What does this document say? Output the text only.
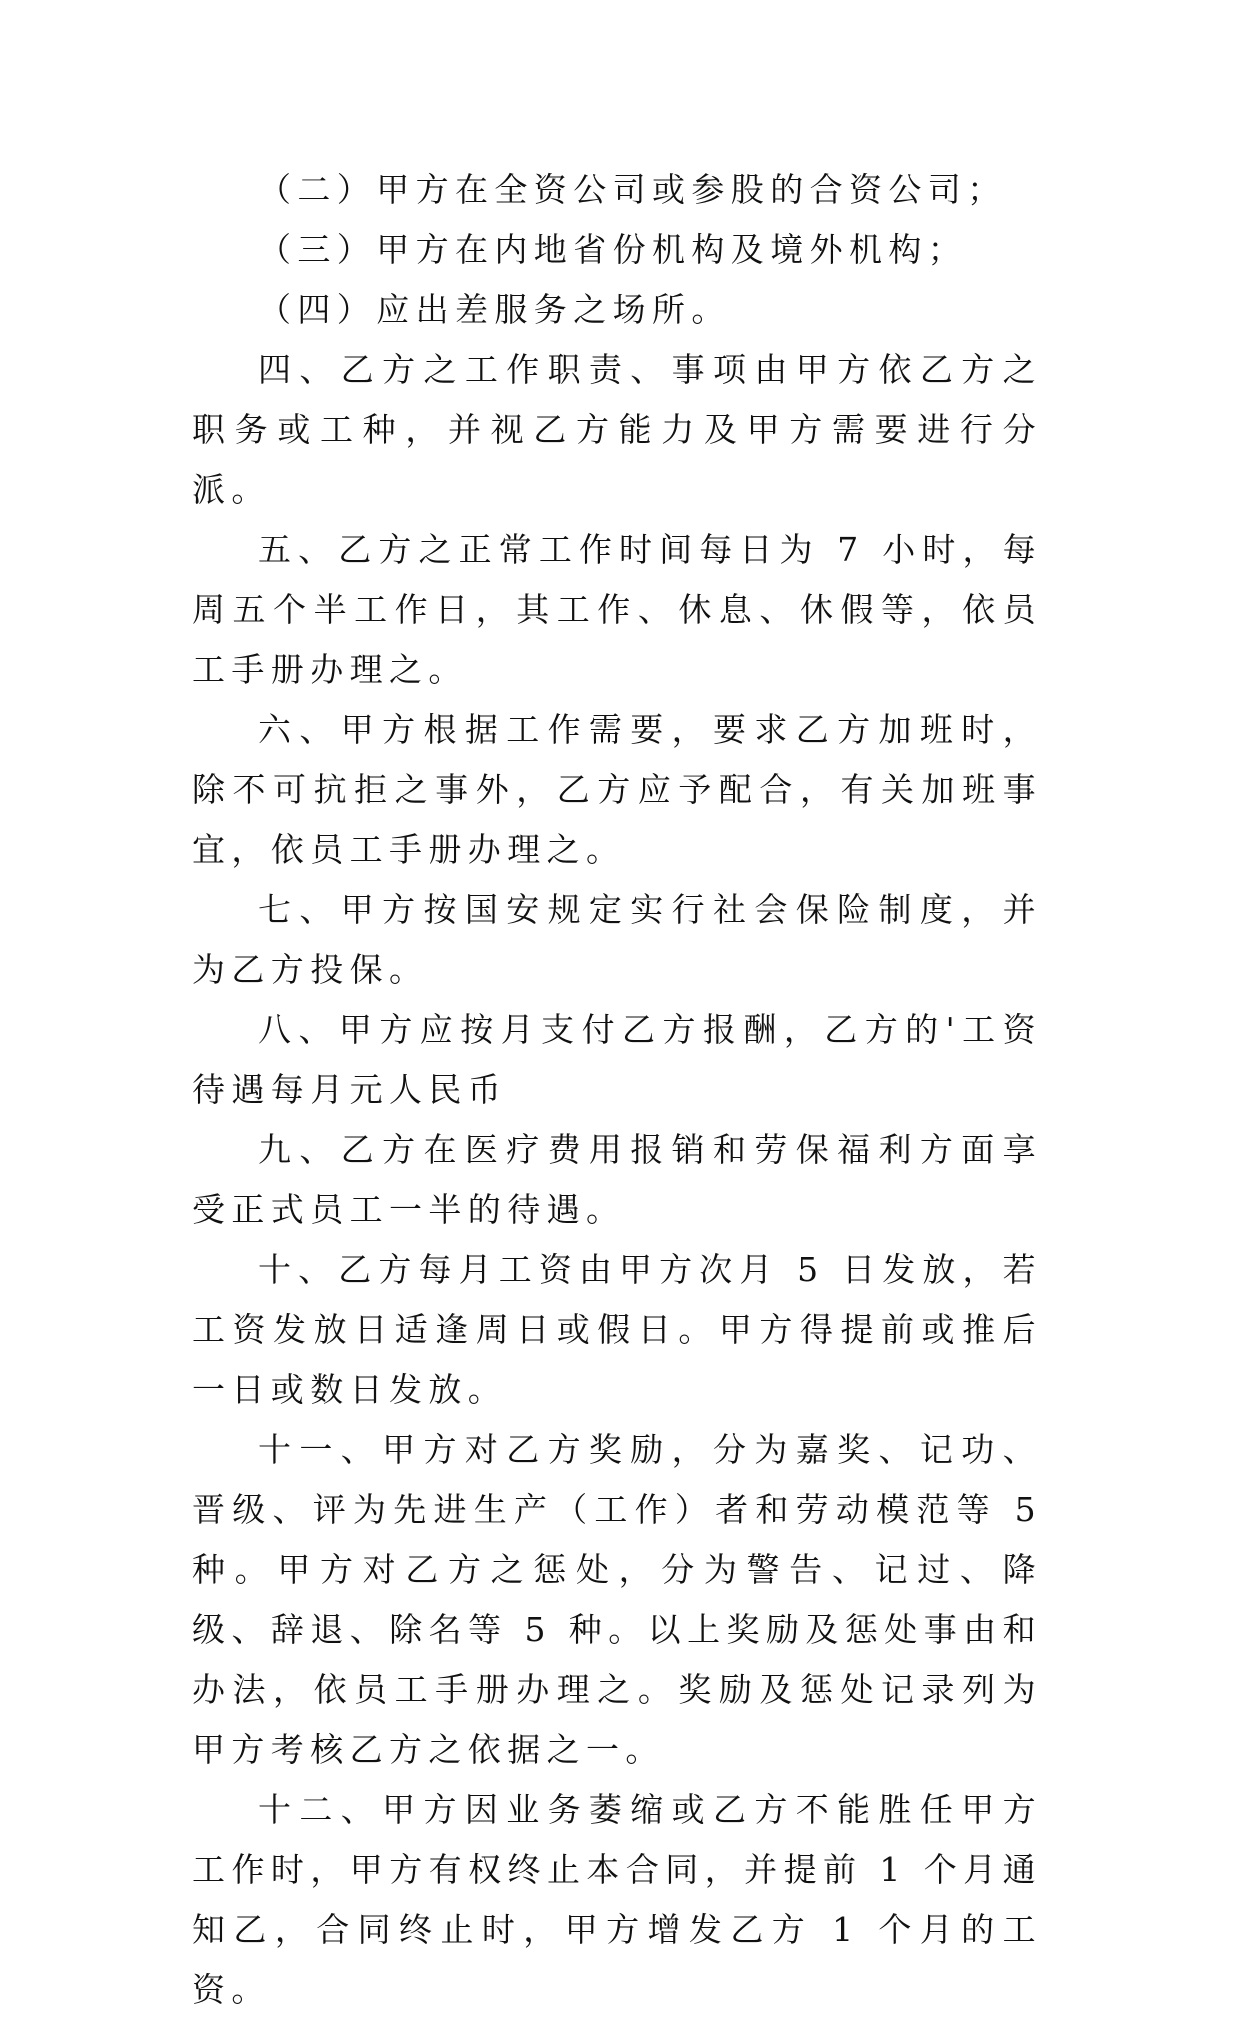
（二）甲方在全资公司或参股的合资公司；

（三）甲方在内地省份机构及境外机构；

（四）应出差服务之场所。

四、乙方之工作职责、事项由甲方依乙方之职务或工种，并视乙方能力及甲方需要进行分派。

五、乙方之正常工作时间每日为 7 小时，每周五个半工作日，其工作、休息、休假等，依员工手册办理之。

六、甲方根据工作需要，要求乙方加班时，除不可抗拒之事外，乙方应予配合，有关加班事宜，依员工手册办理之。

七、甲方按国安规定实行社会保险制度，并为乙方投保。

八、甲方应按月支付乙方报酬，乙方的'工资待遇每月元人民币

九、乙方在医疗费用报销和劳保福利方面享受正式员工一半的待遇。

十、乙方每月工资由甲方次月 5 日发放，若工资发放日适逢周日或假日。甲方得提前或推后一日或数日发放。

十一、甲方对乙方奖励，分为嘉奖、记功、晋级、评为先进生产（工作）者和劳动模范等 5 种。甲方对乙方之惩处，分为警告、记过、降级、辞退、除名等 5 种。以上奖励及惩处事由和办法，依员工手册办理之。奖励及惩处记录列为甲方考核乙方之依据之一。

十二、甲方因业务萎缩或乙方不能胜任甲方工作时，甲方有权终止本合同，并提前 1 个月通知乙，合同终止时，甲方增发乙方 1 个月的工资。
